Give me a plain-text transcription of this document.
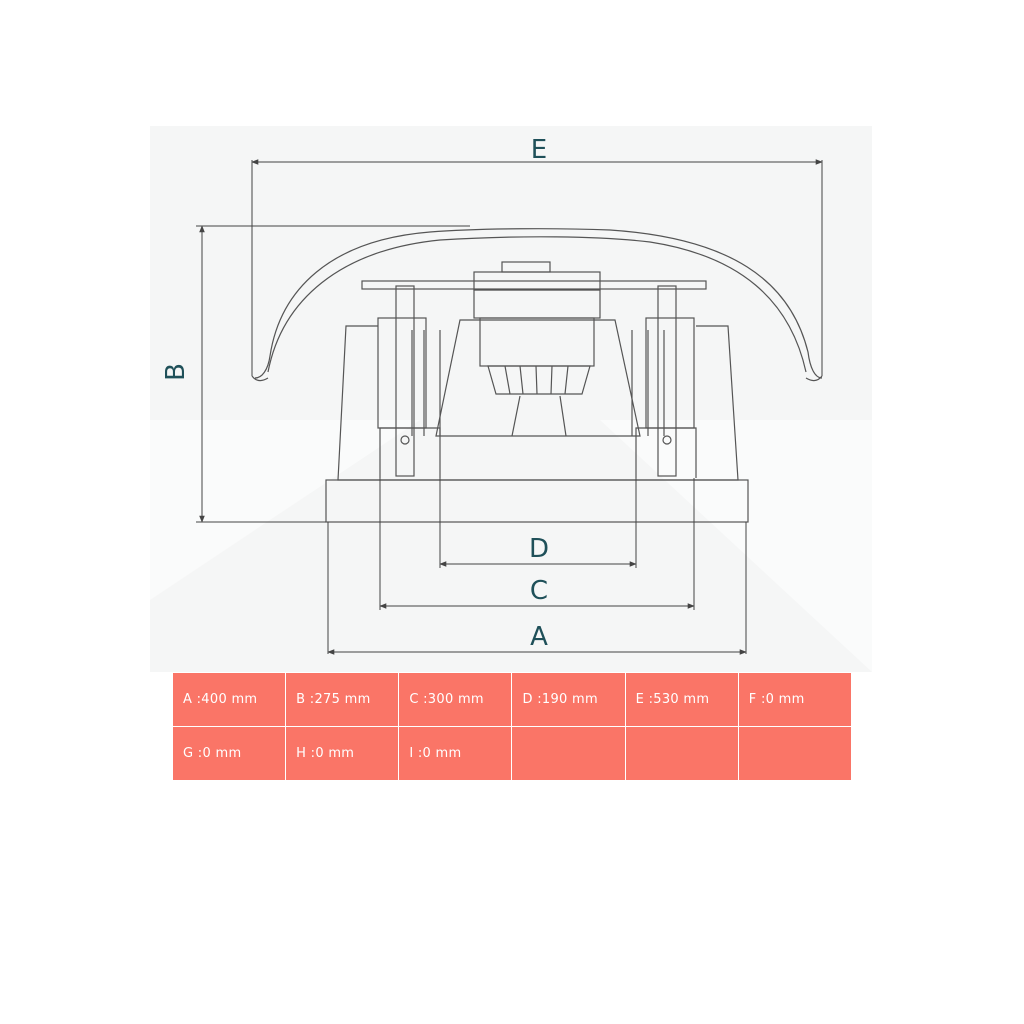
E
B
D
C
A
A :400 mm	B :275 mm	C :300 mm	D :190 mm	E :530 mm	F :0 mm
G :0 mm	H :0 mm	I :0 mm			
